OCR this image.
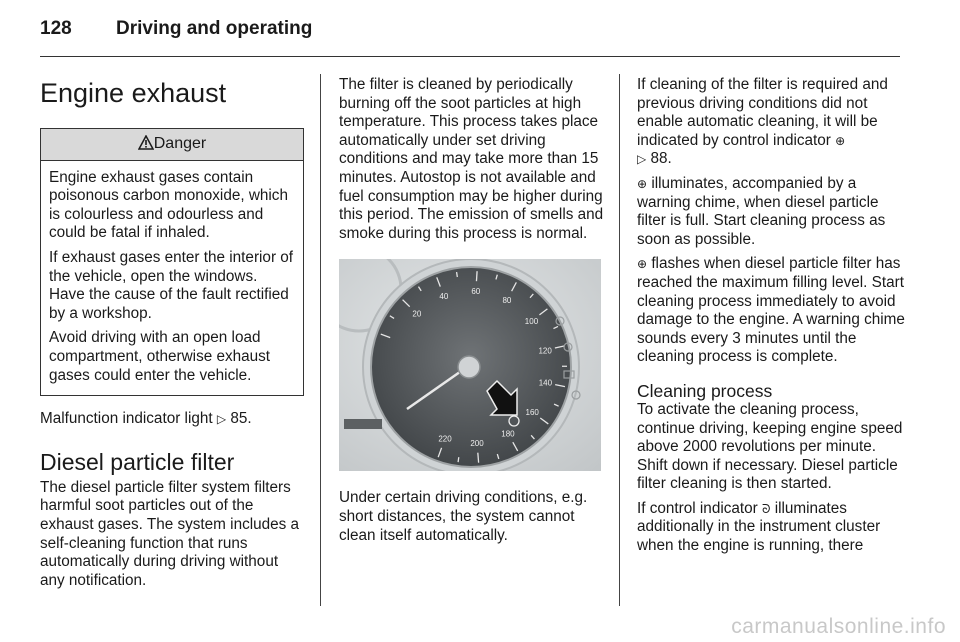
128 Driving and operating
Engine exhaust
Danger

Engine exhaust gases contain poisonous carbon monoxide, which is colourless and odourless and could be fatal if inhaled.

If exhaust gases enter the interior of the vehicle, open the windows. Have the cause of the fault rectified by a workshop.

Avoid driving with an open load compartment, otherwise exhaust gases could enter the vehicle.

Malfunction indicator light ▷ 85.

Diesel particle filter

The diesel particle filter system filters harmful soot particles out of the exhaust gases. The system includes a self-cleaning function that runs automatically during driving without any notification.

The filter is cleaned by periodically burning off the soot particles at high temperature. This process takes place automatically under set driving conditions and may take more than 15 minutes. Autostop is not available and fuel consumption may be higher during this period. The emission of smells and smoke during this process is normal.

20
40
60
80
100
120
140
160
180
200
220

Under certain driving conditions, e.g. short distances, the system cannot clean itself automatically.

If cleaning of the filter is required and previous driving conditions did not enable automatic cleaning, it will be indicated by control indicator ⊕
▷ 88.

⊕ illuminates, accompanied by a warning chime, when diesel particle filter is full. Start cleaning process as soon as possible.

⊕ flashes when diesel particle filter has reached the maximum filling level. Start cleaning process immediately to avoid damage to the engine. A warning chime sounds every 3 minutes until the cleaning process is complete.

Cleaning process

To activate the cleaning process, continue driving, keeping engine speed above 2000 revolutions per minute. Shift down if necessary. Diesel particle filter cleaning is then started.

If control indicator ᘐ illuminates additionally in the instrument cluster when the engine is running, there

carmanualsonline.info
